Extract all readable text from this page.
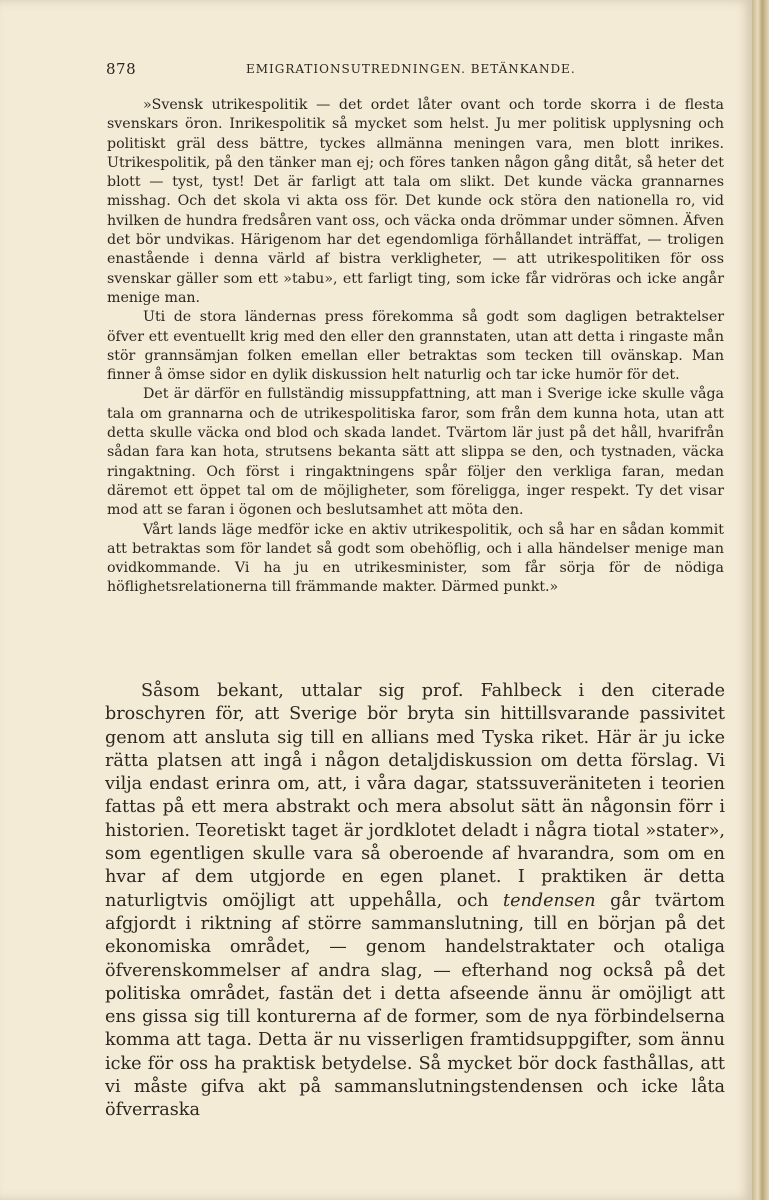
878	EMIGRATIONSUTREDNINGEN. BETÄNKANDE.

»Svensk utrikespolitik — det ordet låter ovant och torde skorra i de flesta svenskars öron. Inrikespolitik så mycket som helst. Ju mer politisk upplysning och politiskt gräl dess bättre, tyckes allmänna meningen vara, men blott inrikes. Utrikespolitik, på den tänker man ej; och föres tanken någon gång ditåt, så heter det blott — tyst, tyst! Det är farligt att tala om slikt. Det kunde väcka grannarnes misshag. Och det skola vi akta oss för. Det kunde ock störa den nationella ro, vid hvilken de hundra fredsåren vant oss, och väcka onda drömmar under sömnen. Äfven det bör undvikas. Härigenom har det egendomliga förhållandet inträffat, — troligen enastående i denna värld af bistra verkligheter, — att utrikespolitiken för oss svenskar gäller som ett »tabu», ett farligt ting, som icke får vidröras och icke angår menige man.

Uti de stora ländernas press förekomma så godt som dagligen betraktelser öfver ett eventuellt krig med den eller den grannstaten, utan att detta i ringaste mån stör grannsämjan folken emellan eller betraktas som tecken till ovänskap. Man finner å ömse sidor en dylik diskussion helt naturlig och tar icke humör för det.

Det är därför en fullständig missuppfattning, att man i Sverige icke skulle våga tala om grannarna och de utrikespolitiska faror, som från dem kunna hota, utan att detta skulle väcka ond blod och skada landet. Tvärtom lär just på det håll, hvarifrån sådan fara kan hota, strutsens bekanta sätt att slippa se den, och tystnaden, väcka ringaktning. Och först i ringaktningens spår följer den verkliga faran, medan däremot ett öppet tal om de möjligheter, som föreligga, inger respekt. Ty det visar mod att se faran i ögonen och beslutsamhet att möta den.

Vårt lands läge medför icke en aktiv utrikespolitik, och så har en sådan kommit att betraktas som för landet så godt som obehöflig, och i alla händelser menige man ovidkommande. Vi ha ju en utrikesminister, som får sörja för de nödiga höflighetsrelationerna till främmande makter. Därmed punkt.»

Såsom bekant, uttalar sig prof. Fahlbeck i den citerade broschyren för, att Sverige bör bryta sin hittillsvarande passivitet genom att ansluta sig till en allians med Tyska riket. Här är ju icke rätta platsen att ingå i någon detaljdiskussion om detta förslag. Vi vilja endast erinra om, att, i våra dagar, statssuveräniteten i teorien fattas på ett mera abstrakt och mera absolut sätt än någonsin förr i historien. Teoretiskt taget är jordklotet deladt i några tiotal »stater», som egentligen skulle vara så oberoende af hvarandra, som om en hvar af dem utgjorde en egen planet. I praktiken är detta naturligtvis omöjligt att uppehålla, och tendensen går tvärtom afgjordt i riktning af större sammanslutning, till en början på det ekonomiska området, — genom handelstraktater och otaliga öfverenskommelser af andra slag, — efterhand nog också på det politiska området, fastän det i detta afseende ännu är omöjligt att ens gissa sig till konturerna af de former, som de nya förbindelserna komma att taga. Detta är nu visserligen framtidsuppgifter, som ännu icke för oss ha praktisk betydelse. Så mycket bör dock fasthållas, att vi måste gifva akt på sammanslutningstendensen och icke låta öfverraska
